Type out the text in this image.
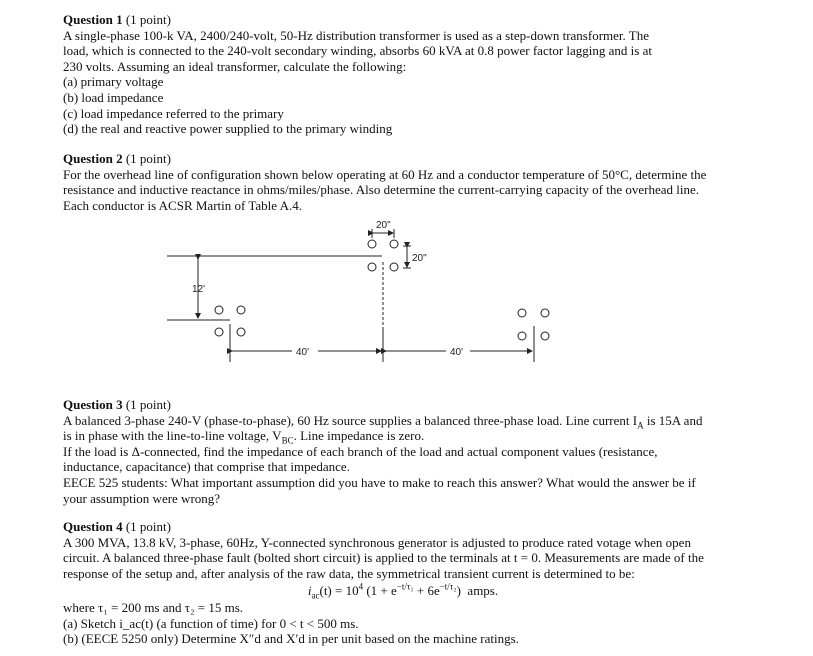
Question 1 (1 point)

A single-phase 100-k VA, 2400/240-volt, 50-Hz distribution transformer is used as a step-down transformer. The

load, which is connected to the 240-volt secondary winding, absorbs 60 kVA at 0.8 power factor lagging and is at

230 volts. Assuming an ideal transformer, calculate the following:

(a) primary voltage

(b) load impedance

(c) load impedance referred to the primary

(d) the real and reactive power supplied to the primary winding

Question 2 (1 point)

For the overhead line of configuration shown below operating at 60 Hz and a conductor temperature of 50°C, determine the

resistance and inductive reactance in ohms/miles/phase. Also determine the current-carrying capacity of the overhead line.

Each conductor is ACSR Martin of Table A.4.

20"
20"
12'
40'	40'

Question 3 (1 point)

A balanced 3-phase 240-V (phase-to-phase), 60 Hz source supplies a balanced three-phase load. Line current $I_A$ is 15A and

is in phase with the line-to-line voltage, $V_{BC}$. Line impedance is zero.

If the load is Δ-connected, find the impedance of each branch of the load and actual component values (resistance,

inductance, capacitance) that comprise that impedance.

EECE 525 students: What important assumption did you have to make to reach this answer? What would the answer be if

your assumption were wrong?

Question 4 (1 point)

A 300 MVA, 13.8 kV, 3-phase, 60Hz, Y-connected synchronous generator is adjusted to produce rated votage when open

circuit. A balanced three-phase fault (bolted short circuit) is applied to the terminals at t = 0. Measurements are made of the

response of the setup and, after analysis of the raw data, the symmetrical transient current is determined to be:

$i_{ac}(t) = 10^4$ $(1 + e^{-t/\tau_1} + 6e^{-t/\tau_2})$  amps.

where τ₁ = 200 ms and τ₂ = 15 ms.

(a) Sketch i_ac(t) (a function of time) for 0 < t < 500 ms.

(b) (EECE 5250 only) Determine X″d and X′d in per unit based on the machine ratings.
